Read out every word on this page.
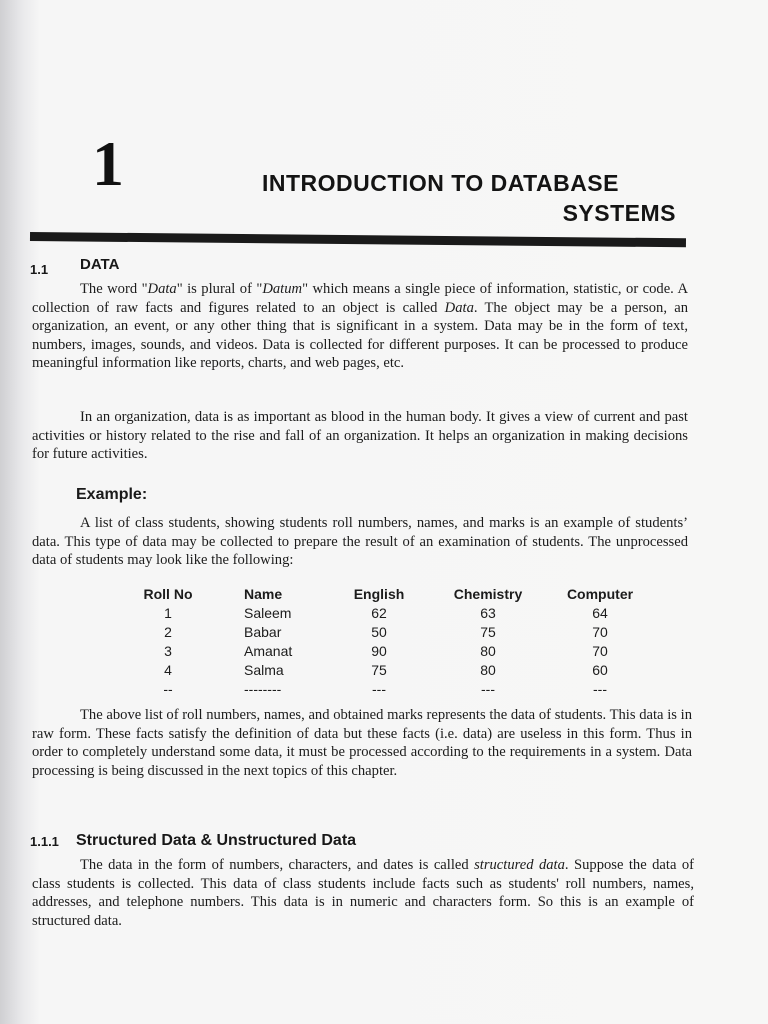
1	INTRODUCTION TO DATABASE
SYSTEMS
1.1 DATA

The word "Data" is plural of "Datum" which means a single piece of information, statistic, or code. A collection of raw facts and figures related to an object is called Data. The object may be a person, an organization, an event, or any other thing that is significant in a system. Data may be in the form of text, numbers, images, sounds, and videos. Data is collected for different purposes. It can be processed to produce meaningful information like reports, charts, and web pages, etc.

In an organization, data is as important as blood in the human body. It gives a view of current and past activities or history related to the rise and fall of an organization. It helps an organization in making decisions for future activities.

Example:

A list of class students, showing students roll numbers, names, and marks is an example of students’ data. This type of data may be collected to prepare the result of an examination of students. The unprocessed data of students may look like the following:

Roll No	Name	English	Chemistry	Computer
1	Saleem	62	63	64
2	Babar	50	75	70
3	Amanat	90	80	70
4	Salma	75	80	60
--	--------	---	---	---

The above list of roll numbers, names, and obtained marks represents the data of students. This data is in raw form. These facts satisfy the definition of data but these facts (i.e. data) are useless in this form. Thus in order to completely understand some data, it must be processed according to the requirements in a system. Data processing is being discussed in the next topics of this chapter.

1.1.1 Structured Data & Unstructured Data

The data in the form of numbers, characters, and dates is called structured data. Suppose the data of class students is collected. This data of class students include facts such as students' roll numbers, names, addresses, and telephone numbers. This data is in numeric and characters form. So this is an example of structured data.
